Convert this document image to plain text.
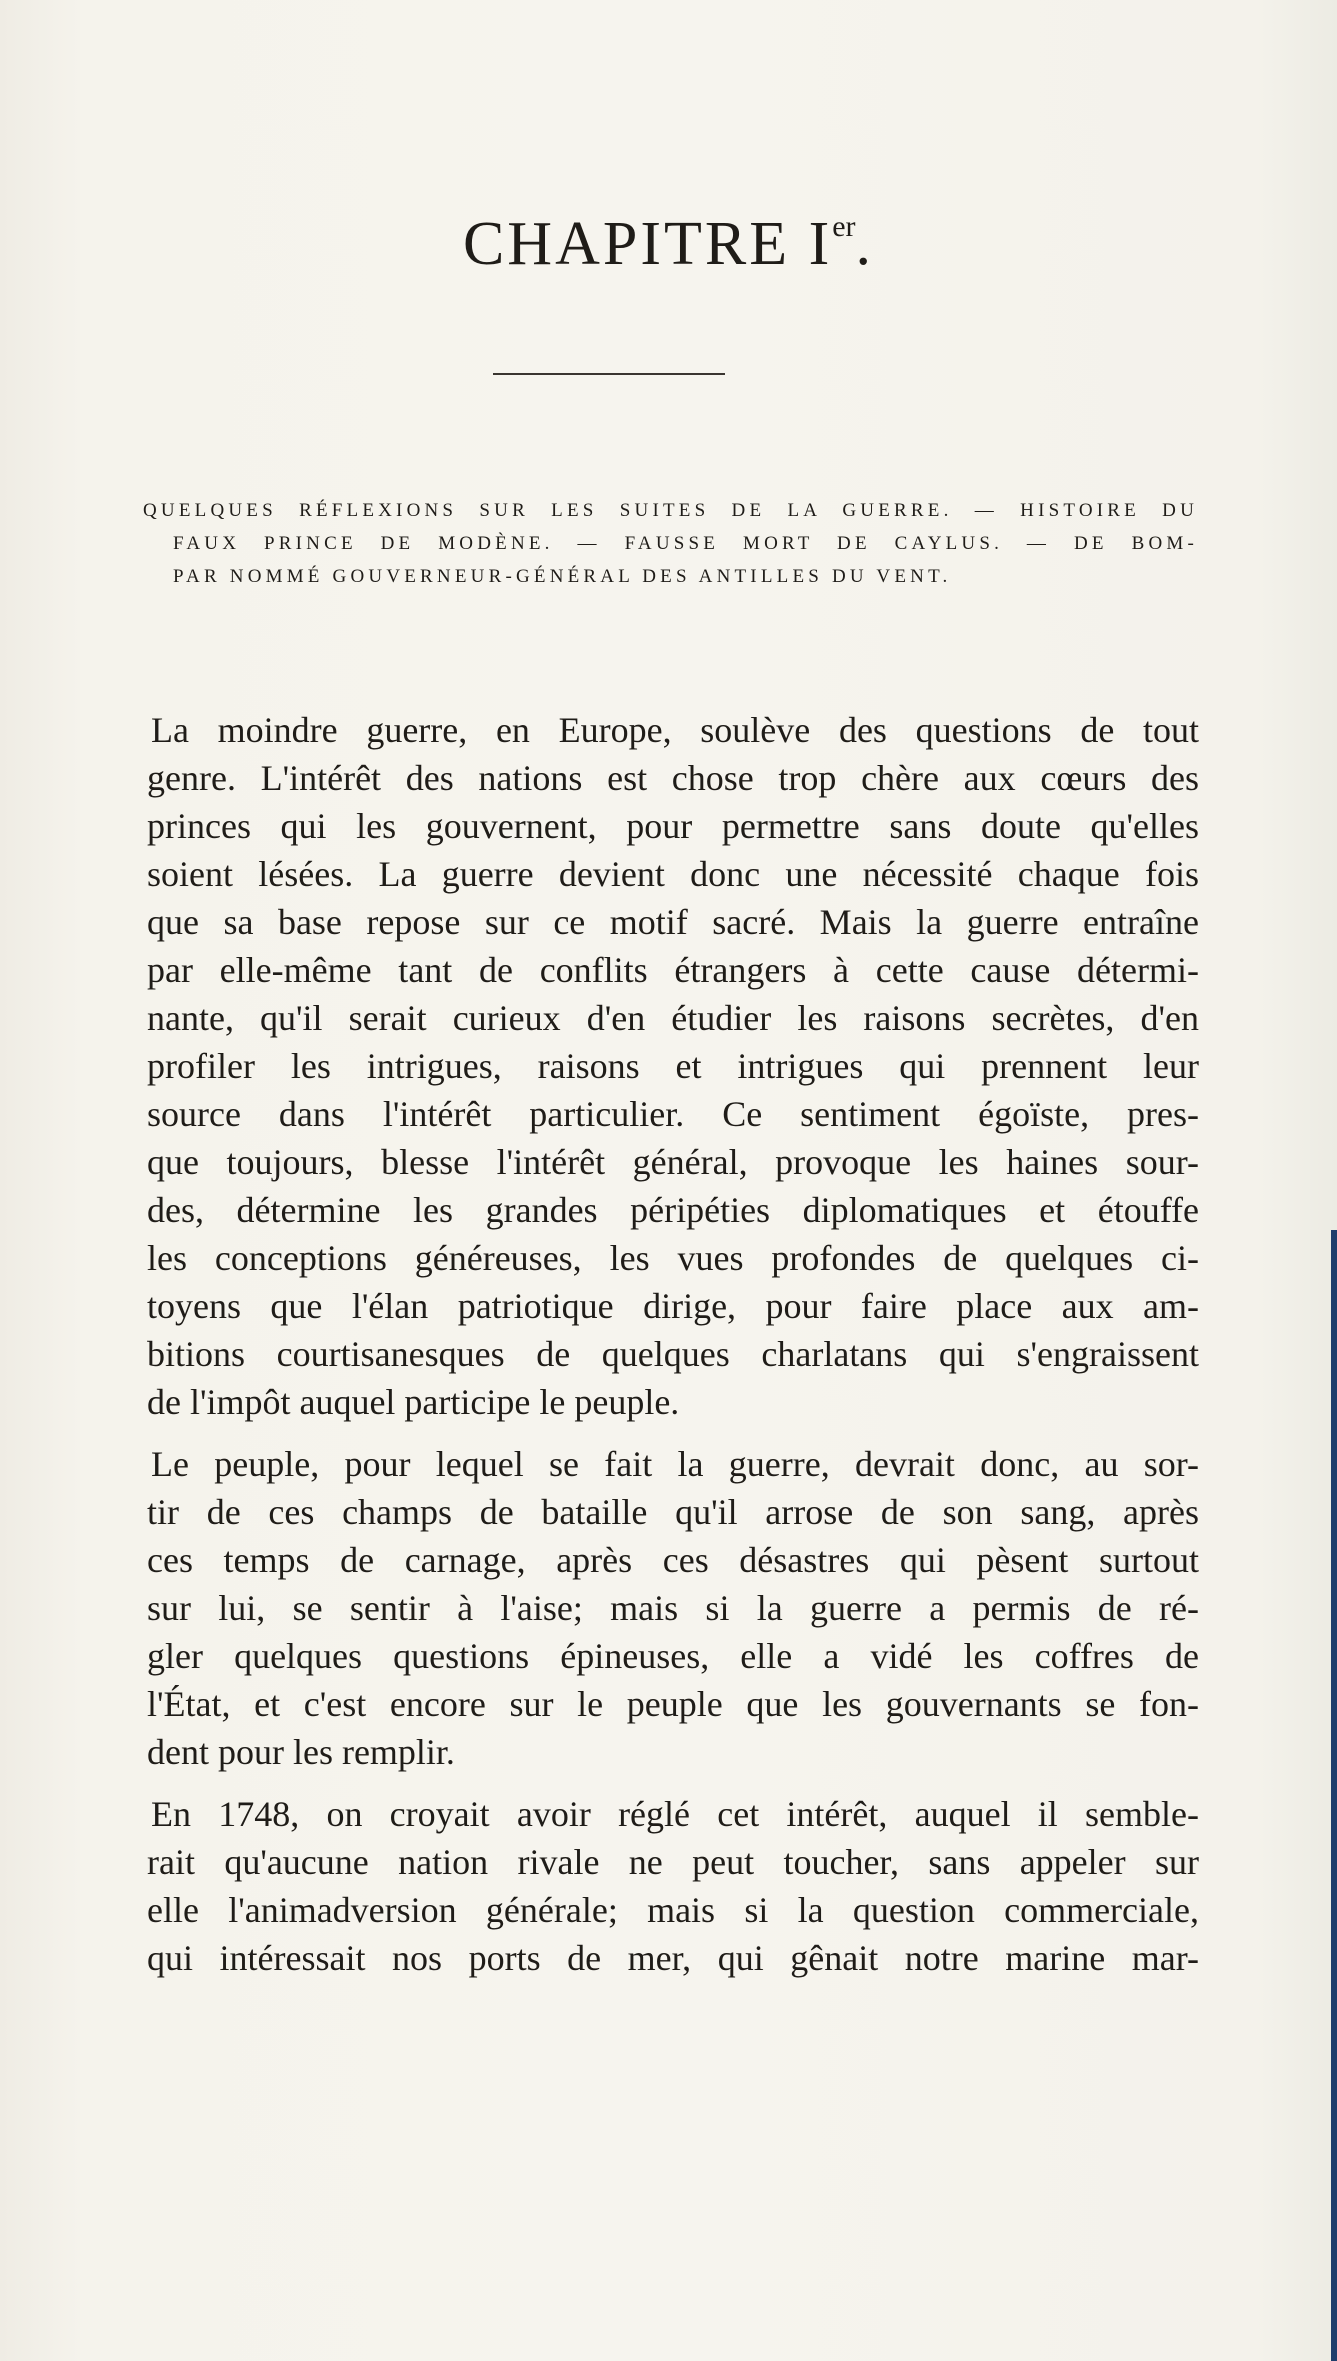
CHAPITRE Ier.
QUELQUES RÉFLEXIONS SUR LES SUITES DE LA GUERRE. — HISTOIRE DU
FAUX PRINCE DE MODÈNE. — FAUSSE MORT DE CAYLUS. — DE BOM-
PAR NOMMÉ GOUVERNEUR-GÉNÉRAL DES ANTILLES DU VENT.
La moindre guerre, en Europe, soulève des questions de tout
genre. L'intérêt des nations est chose trop chère aux cœurs des
princes qui les gouvernent, pour permettre sans doute qu'elles
soient lésées. La guerre devient donc une nécessité chaque fois
que sa base repose sur ce motif sacré. Mais la guerre entraîne
par elle-même tant de conflits étrangers à cette cause détermi-
nante, qu'il serait curieux d'en étudier les raisons secrètes, d'en
profiler les intrigues, raisons et intrigues qui prennent leur
source dans l'intérêt particulier. Ce sentiment égoïste, pres-
que toujours, blesse l'intérêt général, provoque les haines sour-
des, détermine les grandes péripéties diplomatiques et étouffe
les conceptions généreuses, les vues profondes de quelques ci-
toyens que l'élan patriotique dirige, pour faire place aux am-
bitions courtisanesques de quelques charlatans qui s'engraissent
de l'impôt auquel participe le peuple.
Le peuple, pour lequel se fait la guerre, devrait donc, au sor-
tir de ces champs de bataille qu'il arrose de son sang, après
ces temps de carnage, après ces désastres qui pèsent surtout
sur lui, se sentir à l'aise; mais si la guerre a permis de ré-
gler quelques questions épineuses, elle a vidé les coffres de
l'État, et c'est encore sur le peuple que les gouvernants se fon-
dent pour les remplir.
En 1748, on croyait avoir réglé cet intérêt, auquel il semble-
rait qu'aucune nation rivale ne peut toucher, sans appeler sur
elle l'animadversion générale; mais si la question commerciale,
qui intéressait nos ports de mer, qui gênait notre marine mar-
